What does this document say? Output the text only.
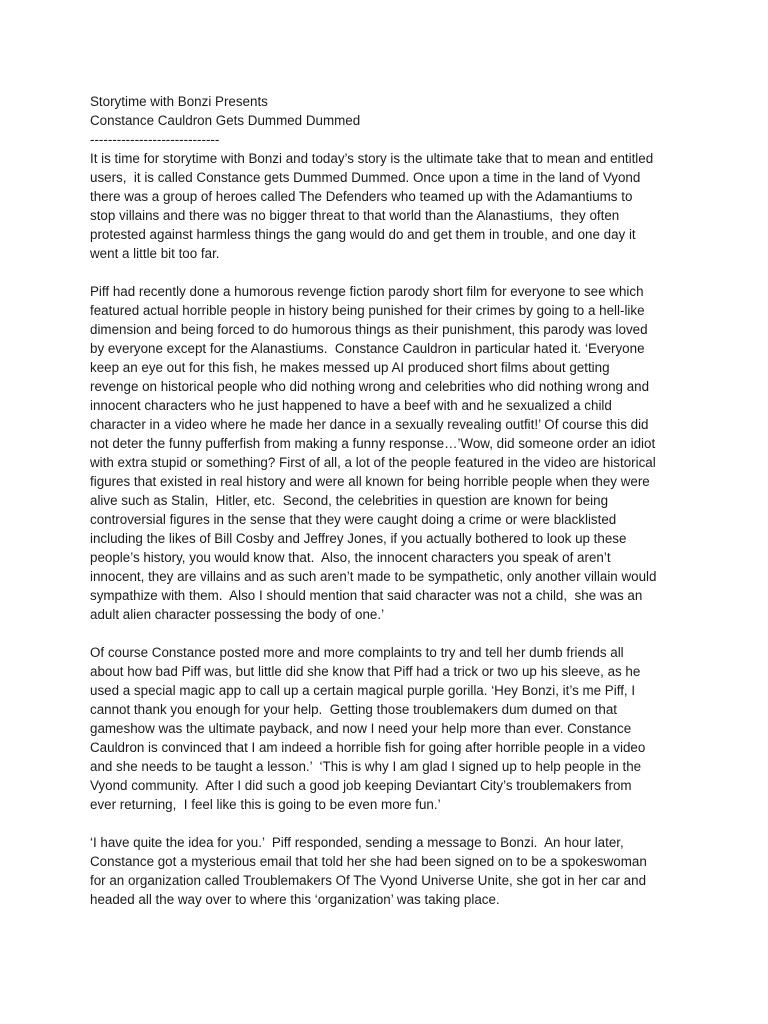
Storytime with Bonzi Presents
Constance Cauldron Gets Dummed Dummed
-----------------------------
It is time for storytime with Bonzi and today’s story is the ultimate take that to mean and entitled
users,  it is called Constance gets Dummed Dummed. Once upon a time in the land of Vyond
there was a group of heroes called The Defenders who teamed up with the Adamantiums to
stop villains and there was no bigger threat to that world than the Alanastiums,  they often
protested against harmless things the gang would do and get them in trouble, and one day it
went a little bit too far.
Piff had recently done a humorous revenge fiction parody short film for everyone to see which
featured actual horrible people in history being punished for their crimes by going to a hell-like
dimension and being forced to do humorous things as their punishment, this parody was loved
by everyone except for the Alanastiums.  Constance Cauldron in particular hated it. ‘Everyone
keep an eye out for this fish, he makes messed up AI produced short films about getting
revenge on historical people who did nothing wrong and celebrities who did nothing wrong and
innocent characters who he just happened to have a beef with and he sexualized a child
character in a video where he made her dance in a sexually revealing outfit!’ Of course this did
not deter the funny pufferfish from making a funny response…’Wow, did someone order an idiot
with extra stupid or something? First of all, a lot of the people featured in the video are historical
figures that existed in real history and were all known for being horrible people when they were
alive such as Stalin,  Hitler, etc.  Second, the celebrities in question are known for being
controversial figures in the sense that they were caught doing a crime or were blacklisted
including the likes of Bill Cosby and Jeffrey Jones, if you actually bothered to look up these
people’s history, you would know that.  Also, the innocent characters you speak of aren’t
innocent, they are villains and as such aren’t made to be sympathetic, only another villain would
sympathize with them.  Also I should mention that said character was not a child,  she was an
adult alien character possessing the body of one.’
Of course Constance posted more and more complaints to try and tell her dumb friends all
about how bad Piff was, but little did she know that Piff had a trick or two up his sleeve, as he
used a special magic app to call up a certain magical purple gorilla. ‘Hey Bonzi, it’s me Piff, I
cannot thank you enough for your help.  Getting those troublemakers dum dumed on that
gameshow was the ultimate payback, and now I need your help more than ever. Constance
Cauldron is convinced that I am indeed a horrible fish for going after horrible people in a video
and she needs to be taught a lesson.’  ‘This is why I am glad I signed up to help people in the
Vyond community.  After I did such a good job keeping Deviantart City’s troublemakers from
ever returning,  I feel like this is going to be even more fun.’
‘I have quite the idea for you.’  Piff responded, sending a message to Bonzi.  An hour later,
Constance got a mysterious email that told her she had been signed on to be a spokeswoman
for an organization called Troublemakers Of The Vyond Universe Unite, she got in her car and
headed all the way over to where this ‘organization’ was taking place.
